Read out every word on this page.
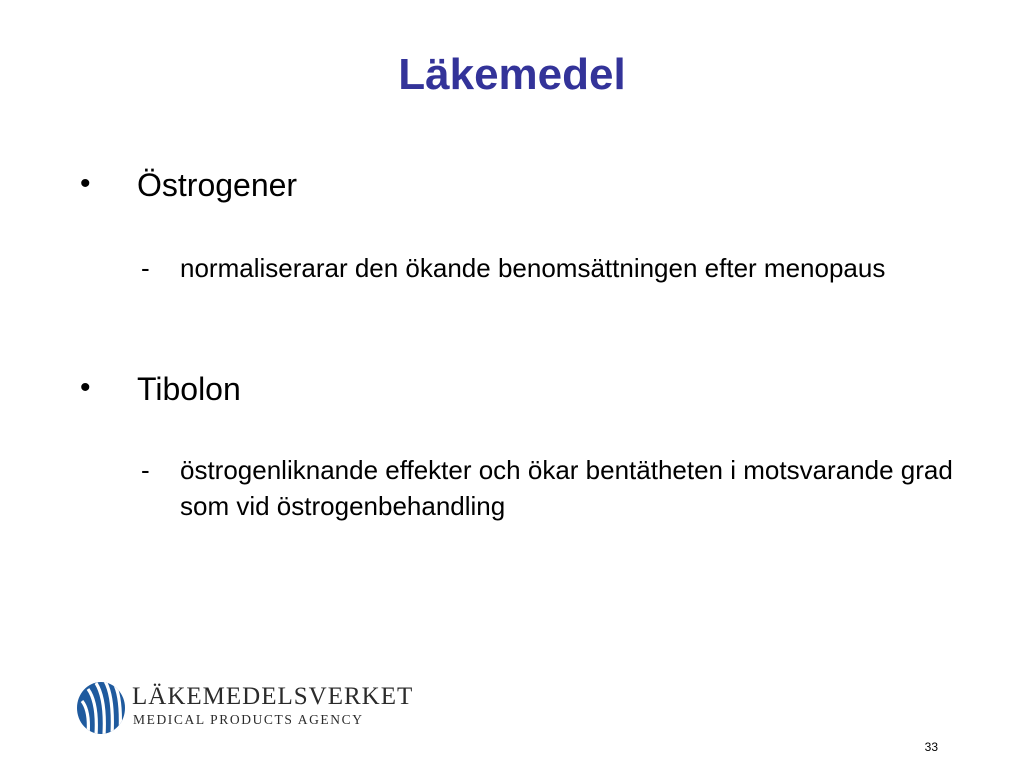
Läkemedel
• Östrogener
- normaliserarar den ökande benomsättningen efter menopaus
• Tibolon
- östrogenliknande effekter och ökar bentätheten i motsvarande grad som vid östrogenbehandling
LÄKEMEDELSVERKET
MEDICAL PRODUCTS AGENCY
33
